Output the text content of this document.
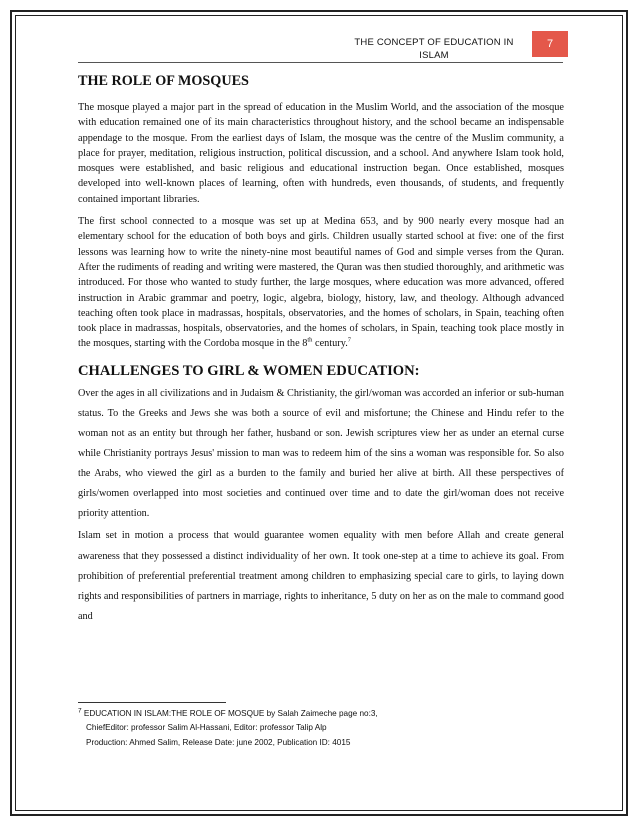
THE CONCEPT OF EDUCATION IN
ISLAM
7
THE ROLE OF MOSQUES

The mosque played a major part in the spread of education in the Muslim World, and the association of the mosque with education remained one of its main characteristics throughout history, and the school became an indispensable appendage to the mosque. From the earliest days of Islam, the mosque was the centre of the Muslim community, a place for prayer, meditation, religious instruction, political discussion, and a school. And anywhere Islam took hold, mosques were established, and basic religious and educational instruction began. Once established, mosques developed into well-known places of learning, often with hundreds, even thousands, of students, and frequently contained important libraries.

The first school connected to a mosque was set up at Medina 653, and by 900 nearly every mosque had an elementary school for the education of both boys and girls. Children usually started school at five: one of the first lessons was learning how to write the ninety-nine most beautiful names of God and simple verses from the Quran. After the rudiments of reading and writing were mastered, the Quran was then studied thoroughly, and arithmetic was introduced. For those who wanted to study further, the large mosques, where education was more advanced, offered instruction in Arabic grammar and poetry, logic, algebra, biology, history, law, and theology. Although advanced teaching often took place in madrassas, hospitals, observatories, and the homes of scholars, in Spain, teaching often took place in madrassas, hospitals, observatories, and the homes of scholars, in Spain, teaching took place mostly in the mosques, starting with the Cordoba mosque in the 8th century.$^7$

CHALLENGES TO GIRL & WOMEN EDUCATION:

Over the ages in all civilizations and in Judaism & Christianity, the girl/woman was accorded an inferior or sub-human status. To the Greeks and Jews she was both a source of evil and misfortune; the Chinese and Hindu refer to the woman not as an entity but through her father, husband or son. Jewish scriptures view her as under an eternal curse while Christianity portrays Jesus' mission to man was to redeem him of the sins a woman was responsible for. So also the Arabs, who viewed the girl as a burden to the family and buried her alive at birth. All these perspectives of girls/women overlapped into most societies and continued over time and to date the girl/woman does not receive priority attention.

Islam set in motion a process that would guarantee women equality with men before Allah and create general awareness that they possessed a distinct individuality of her own. It took one-step at a time to achieve its goal. From prohibition of preferential preferential treatment among children to emphasizing special care to girls, to laying down rights and responsibilities of partners in marriage, rights to inheritance, 5 duty on her as on the male to command good and

$^7$ EDUCATION IN ISLAM:THE ROLE OF MOSQUE by Salah Zaimeche page no:3,
ChiefEditor: professor Salim Al-Hassani, Editor: professor Talip Alp
Production: Ahmed Salim, Release Date: june 2002, Publication ID: 4015
